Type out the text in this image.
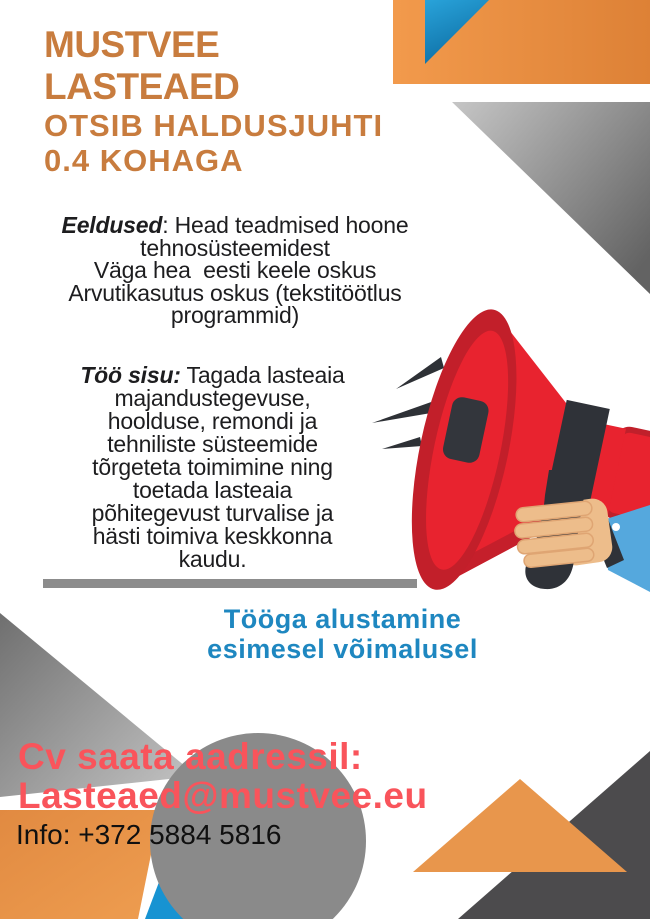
MUSTVEE
LASTEAED
OTSIB HALDUSJUHTI
0.4 KOHAGA
Eeldused: Head teadmised hoone
tehnosüsteemidest
Väga hea  eesti keele oskus
Arvutikasutus oskus (tekstitöötlus
programmid)
Töö sisu: Tagada lasteaia
majandustegevuse,
hoolduse, remondi ja
tehniliste süsteemide
tõrgeteta toimimine ning
toetada lasteaia
põhitegevust turvalise ja
hästi toimiva keskkonna
kaudu.
Tööga alustamine
esimesel võimalusel
Cv saata aadressil:
Lasteaed@mustvee.eu
Info: +372 5884 5816
